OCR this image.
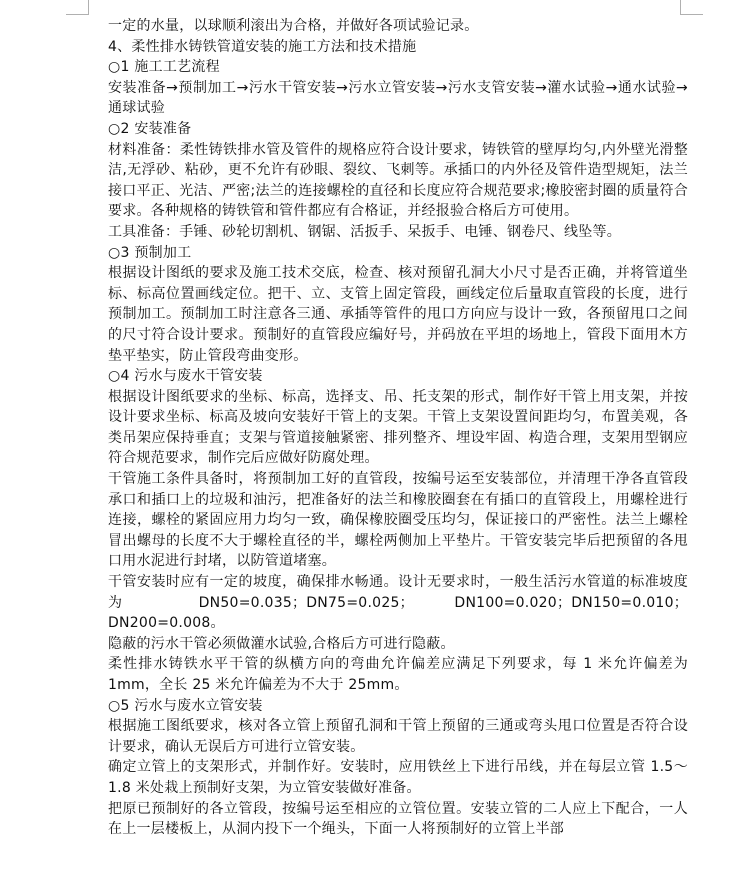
一定的水量，以球顺利滚出为合格，并做好各项试验记录。

4、柔性排水铸铁管道安装的施工方法和技术措施

○1 施工工艺流程

安装准备→预制加工→污水干管安装→污水立管安装→污水支管安装→灌水试验→通水试验→通球试验

○2 安装准备

材料准备：柔性铸铁排水管及管件的规格应符合设计要求，铸铁管的壁厚均匀,内外壁光滑整洁,无浮砂、粘砂，更不允许有砂眼、裂纹、飞刺等。承插口的内外径及管件造型规矩，法兰接口平正、光洁、严密;法兰的连接螺栓的直径和长度应符合规范要求;橡胶密封圈的质量符合要求。各种规格的铸铁管和管件都应有合格证，并经报验合格后方可使用。

工具准备：手锤、砂轮切割机、钢锯、活扳手、呆扳手、电锤、钢卷尺、线坠等。

○3 预制加工

根据设计图纸的要求及施工技术交底，检查、核对预留孔洞大小尺寸是否正确，并将管道坐标、标高位置画线定位。把干、立、支管上固定管段，画线定位后量取直管段的长度，进行预制加工。预制加工时注意各三通、承插等管件的甩口方向应与设计一致，各预留甩口之间的尺寸符合设计要求。预制好的直管段应编好号，并码放在平坦的场地上，管段下面用木方垫平垫实，防止管段弯曲变形。

○4 污水与废水干管安装

根据设计图纸要求的坐标、标高，选择支、吊、托支架的形式，制作好干管上用支架，并按设计要求坐标、标高及坡向安装好干管上的支架。干管上支架设置间距均匀，布置美观，各类吊架应保持垂直；支架与管道接触紧密、排列整齐、埋设牢固、构造合理，支架用型钢应符合规范要求，制作完后应做好防腐处理。

干管施工条件具备时，将预制加工好的直管段，按编号运至安装部位，并清理干净各直管段承口和插口上的垃圾和油污，把准备好的法兰和橡胶圈套在有插口的直管段上，用螺栓进行连接，螺栓的紧固应用力均匀一致，确保橡胶圈受压均匀，保证接口的严密性。法兰上螺栓冒出螺母的长度不大于螺栓直径的半，螺栓两侧加上平垫片。干管安装完毕后把预留的各甩口用水泥进行封堵，以防管道堵塞。

干管安装时应有一定的坡度，确保排水畅通。设计无要求时，一般生活污水管道的标准坡度为 DN50=0.035；DN75=0.025； DN100=0.020；DN150=0.010；DN200=0.008。

隐蔽的污水干管必须做灌水试验,合格后方可进行隐蔽。

柔性排水铸铁水平干管的纵横方向的弯曲允许偏差应满足下列要求，每 1 米允许偏差为 1mm，全长 25 米允许偏差为不大于 25mm。

○5 污水与废水立管安装

根据施工图纸要求，核对各立管上预留孔洞和干管上预留的三通或弯头甩口位置是否符合设计要求，确认无误后方可进行立管安装。

确定立管上的支架形式，并制作好。安装时，应用铁丝上下进行吊线，并在每层立管 1.5～1.8 米处栽上预制好支架，为立管安装做好准备。

把原已预制好的各立管段，按编号运至相应的立管位置。安装立管的二人应上下配合，一人在上一层楼板上，从洞内投下一个绳头，下面一人将预制好的立管上半部
